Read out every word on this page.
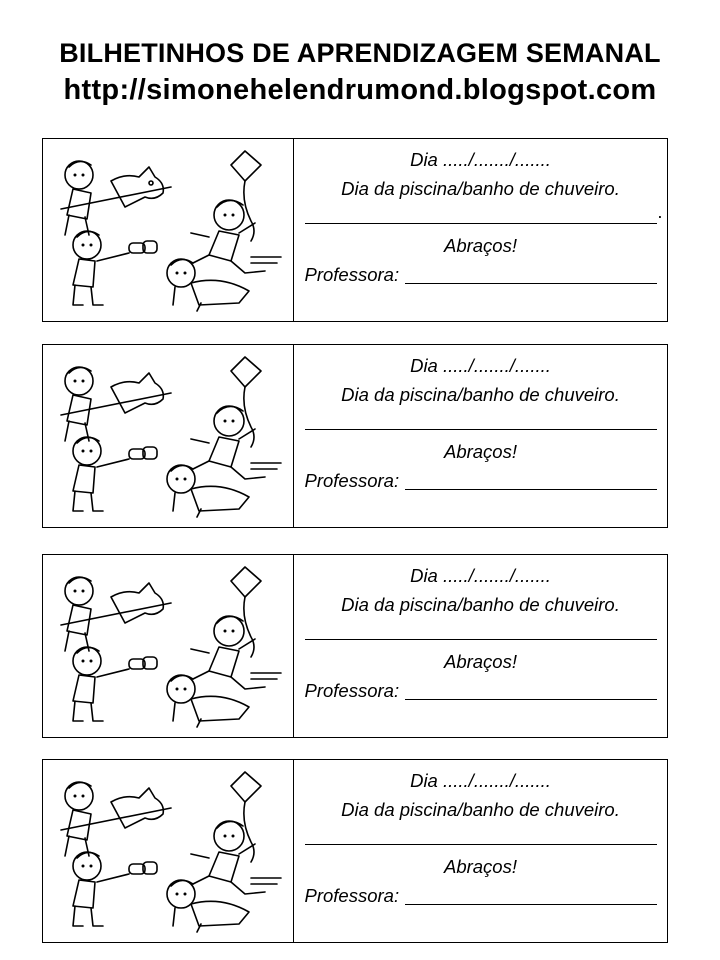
BILHETINHOS DE APRENDIZAGEM SEMANAL
http://simonehelendrumond.blogspot.com
Dia ...../......./.......
Dia da piscina/banho de chuveiro.
.
Abraços!
Professora:
Dia ...../......./.......
Dia da piscina/banho de chuveiro.
Abraços!
Professora:
Dia ...../......./.......
Dia da piscina/banho de chuveiro.
Abraços!
Professora:
Dia ...../......./.......
Dia da piscina/banho de chuveiro.
Abraços!
Professora:
